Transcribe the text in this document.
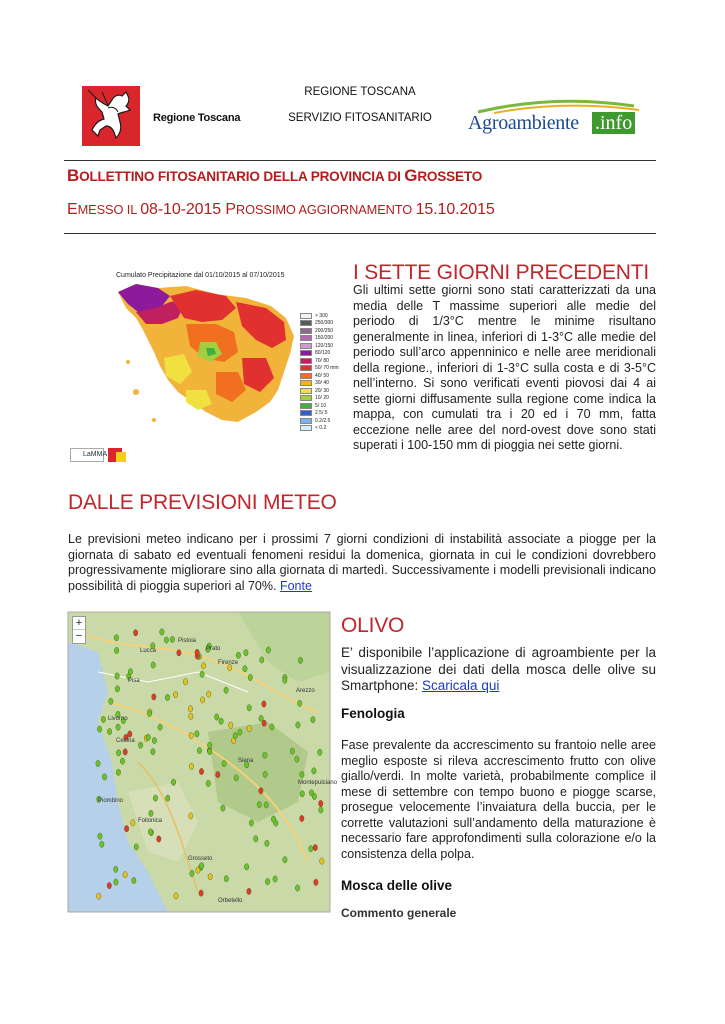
Regione Toscana
REGIONE TOSCANA
SERVIZIO FITOSANITARIO	Agroambiente .info
BOLLETTINO FITOSANITARIO DELLA PROVINCIA DI GROSSETO
EMESSO IL 08-10-2015 PROSSIMO AGGIORNAMENTO 15.10.2015
Cumulato Precipitazione dal 01/10/2015 al 07/10/2015
> 300
250/300
200/250
150/200
120/150
80/120
70/ 80
50/ 70 mm
40/ 50
30/ 40
20/ 30
10/ 20
5/ 10
2.5/ 5
0.2/2.5
< 0.2
LaMMA
I SETTE GIORNI PRECEDENTI
Gli ultimi sette giorni sono stati caratterizzati da una media delle T massime superiori alle medie del periodo di 1/3°C mentre le minime risultano generalmente in linea, inferiori di 1-3°C alle medie del periodo sull’arco appenninico e nelle aree meridionali della regione., inferiori di 1-3°C sulla costa e di 3-5°C nell’interno. Si sono verificati eventi piovosi dai 4 ai sette giorni diffusamente sulla regione come indica la mappa, con cumulati tra i 20 ed i 70 mm, fatta eccezione nelle aree del nord-ovest dove sono stati superati i 100-150 mm di pioggia nei sette giorni.
DALLE PREVISIONI METEO
Le previsioni meteo indicano per i prossimi 7 giorni condizioni di instabilità associate a piogge per la giornata di sabato ed eventuali fenomeni residui la domenica, giornata in cui le condizioni dovrebbero progressivamente migliorare sino alla giornata di martedì. Successivamente i modelli previsionali indicano possibilità di pioggia superiori al 70%. Fonte
Prato
Firenze
Pisa
Livorno
Siena
Grosseto
Lucca
Pistoia
Cecina
Piombino
Arezzo
Montepulciano
Orbetello
Follonica
+
−	OLIVO
E’ disponibile l’applicazione di agroambiente per la visualizzazione dei dati della mosca delle olive su Smartphone: Scaricala qui
Fenologia
Fase prevalente da accrescimento su frantoio nelle aree meglio esposte si rileva accrescimento frutto con olive giallo/verdi. In molte varietà, probabilmente complice il mese di settembre con tempo buono e piogge scarse, prosegue velocemente l’invaiatura della buccia, per le corrette valutazioni sull’andamento della maturazione è necessario fare approfondimenti sulla colorazione e/o la consistenza della polpa.
Mosca delle olive
Commento generale
